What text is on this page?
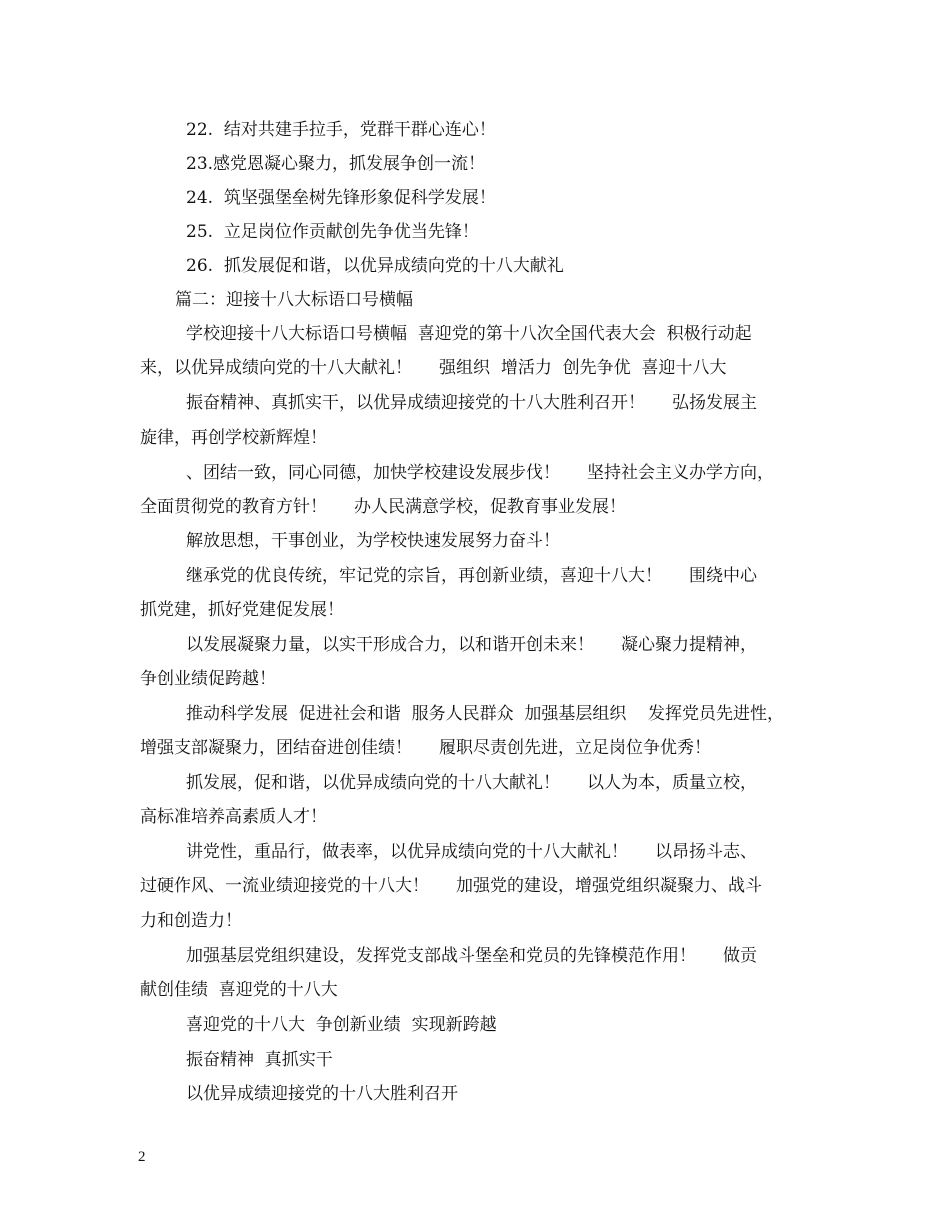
22.  结对共建手拉手，党群干群心连心！
23.感党恩凝心聚力，抓发展争创一流！
24.  筑坚强堡垒树先锋形象促科学发展！
25.  立足岗位作贡献创先争优当先锋！
26.  抓发展促和谐，以优异成绩向党的十八大献礼
篇二：迎接十八大标语口号横幅
学校迎接十八大标语口号横幅  喜迎党的第十八次全国代表大会  积极行动起
来，以优异成绩向党的十八大献礼！     强组织  增活力  创先争优  喜迎十八大
振奋精神、真抓实干，以优异成绩迎接党的十八大胜利召开！     弘扬发展主
旋律，再创学校新辉煌！
、团结一致，同心同德，加快学校建设发展步伐！     坚持社会主义办学方向，
全面贯彻党的教育方针！     办人民满意学校，促教育事业发展！
解放思想，干事创业，为学校快速发展努力奋斗！
继承党的优良传统，牢记党的宗旨，再创新业绩，喜迎十八大！     围绕中心
抓党建，抓好党建促发展！
以发展凝聚力量，以实干形成合力，以和谐开创未来！     凝心聚力提精神，
争创业绩促跨越！
推动科学发展  促进社会和谐  服务人民群众  加强基层组织    发挥党员先进性，
增强支部凝聚力，团结奋进创佳绩！     履职尽责创先进，立足岗位争优秀！
抓发展，促和谐，以优异成绩向党的十八大献礼！     以人为本，质量立校，
高标准培养高素质人才！
讲党性，重品行，做表率，以优异成绩向党的十八大献礼！     以昂扬斗志、
过硬作风、一流业绩迎接党的十八大！     加强党的建设，增强党组织凝聚力、战斗
力和创造力！
加强基层党组织建设，发挥党支部战斗堡垒和党员的先锋模范作用！     做贡
献创佳绩  喜迎党的十八大
喜迎党的十八大  争创新业绩  实现新跨越
振奋精神  真抓实干
以优异成绩迎接党的十八大胜利召开
2
